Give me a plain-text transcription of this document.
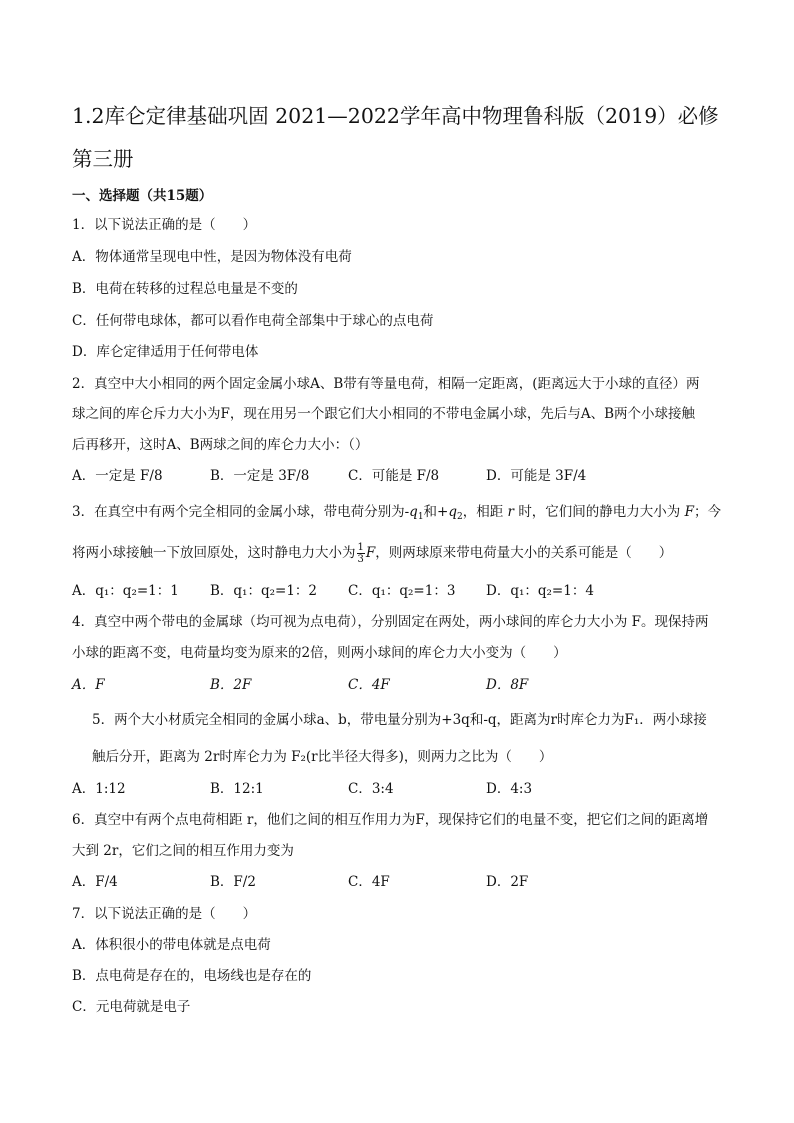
1.2库仑定律基础巩固 2021—2022学年高中物理鲁科版（2019）必修
第三册
一、选择题（共15题）
1．以下说法正确的是（　　）
A．物体通常呈现电中性，是因为物体没有电荷
B．电荷在转移的过程总电量是不变的
C．任何带电球体，都可以看作电荷全部集中于球心的点电荷
D．库仑定律适用于任何带电体
2．真空中大小相同的两个固定金属小球A、B带有等量电荷，相隔一定距离，(距离远大于小球的直径）两
球之间的库仑斥力大小为F，现在用另一个跟它们大小相同的不带电金属小球，先后与A、B两个小球接触
后再移开，这时A、B两球之间的库仑力大小：（）
A．一定是 F/8	B．一定是 3F/8	C．可能是 F/8	D．可能是 3F/4
3．在真空中有两个完全相同的金属小球，带电荷分别为$-q_1$和$+q_2$，相距 r 时，它们间的静电力大小为 F；今
将两小球接触一下放回原处，这时静电力大小为 $\frac{1}{3}$ F，则两球原来带电荷量大小的关系可能是（　　）
A．q₁：q₂=1：1 B．q₁：q₂=1：2 C．q₁：q₂=1：3 D．q₁：q₂=1：4
4．真空中两个带电的金属球（均可视为点电荷），分别固定在两处，两小球间的库仑力大小为 F。现保持两
小球的距离不变，电荷量均变为原来的2倍，则两小球间的库仑力大小变为（　　）
A．F	B．2F	C．4F	D．8F
5．两个大小材质完全相同的金属小球a、b，带电量分别为+3q和-q，距离为r时库仑力为F₁．两小球接
触后分开，距离为 2r时库仑力为 F₂(r比半径大得多)，则两力之比为（　　）
A．1:12	B．12:1	C．3:4	D．4:3
6．真空中有两个点电荷相距 r，他们之间的相互作用力为F，现保持它们的电量不变，把它们之间的距离增
大到 2r，它们之间的相互作用力变为
A．F/4	B．F/2	C．4F	D．2F
7．以下说法正确的是（　　）
A．体积很小的带电体就是点电荷
B．点电荷是存在的，电场线也是存在的
C．元电荷就是电子
